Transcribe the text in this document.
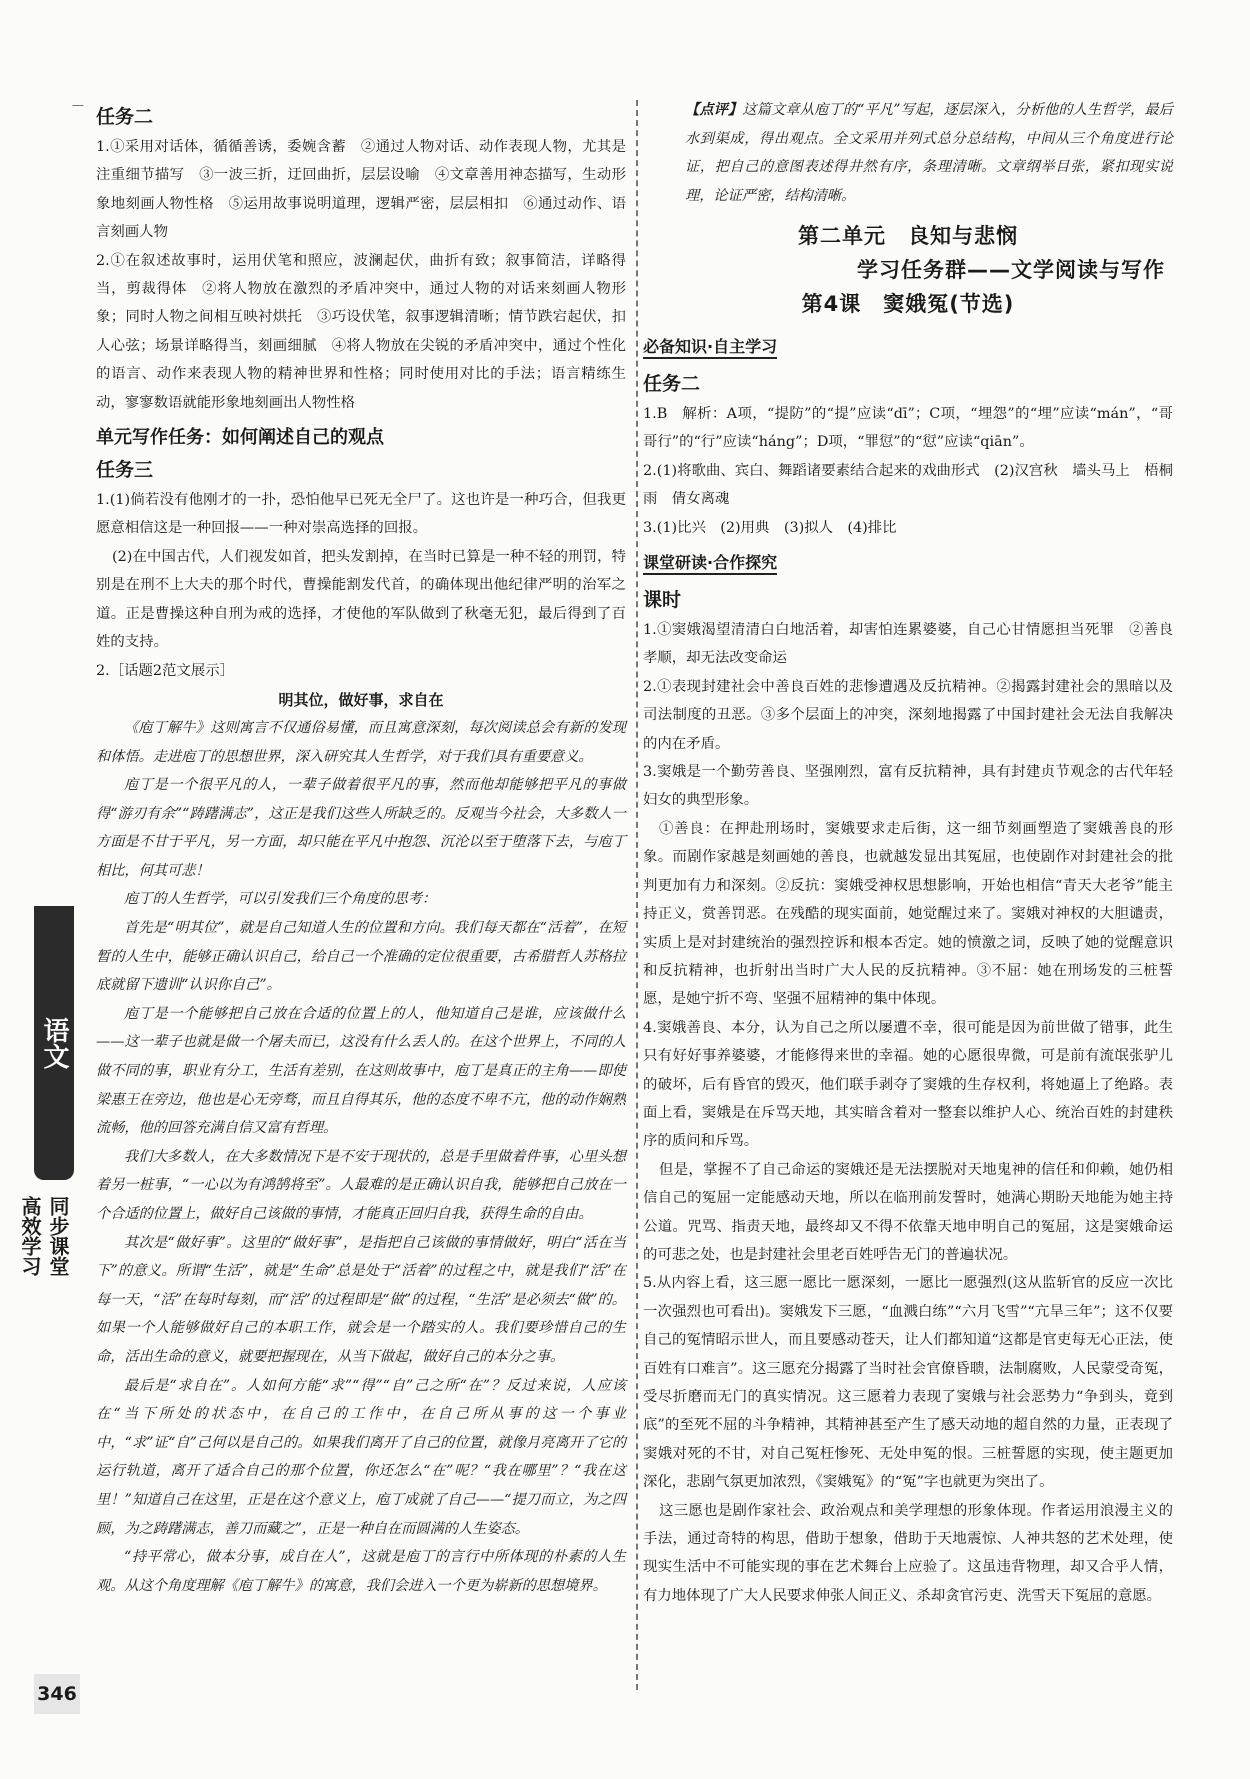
—
任务二

1.①采用对话体，循循善诱，委婉含蓄　②通过人物对话、动作表现人物，尤其是注重细节描写　③一波三折，迂回曲折，层层设喻　④文章善用神态描写，生动形象地刻画人物性格　⑤运用故事说明道理，逻辑严密，层层相扣　⑥通过动作、语言刻画人物

2.①在叙述故事时，运用伏笔和照应，波澜起伏，曲折有致；叙事简洁，详略得当，剪裁得体　②将人物放在激烈的矛盾冲突中，通过人物的对话来刻画人物形象；同时人物之间相互映衬烘托　③巧设伏笔，叙事逻辑清晰；情节跌宕起伏，扣人心弦；场景详略得当，刻画细腻　④将人物放在尖锐的矛盾冲突中，通过个性化的语言、动作来表现人物的精神世界和性格；同时使用对比的手法；语言精练生动，寥寥数语就能形象地刻画出人物性格

单元写作任务：如何阐述自己的观点
任务三

1.(1)倘若没有他刚才的一扑，恐怕他早已死无全尸了。这也许是一种巧合，但我更愿意相信这是一种回报——一种对崇高选择的回报。

(2)在中国古代，人们视发如首，把头发割掉，在当时已算是一种不轻的刑罚，特别是在刑不上大夫的那个时代，曹操能割发代首，的确体现出他纪律严明的治军之道。正是曹操这种自刑为戒的选择，才使他的军队做到了秋毫无犯，最后得到了百姓的支持。

2.［话题2范文展示］

明其位，做好事，求自在

《庖丁解牛》这则寓言不仅通俗易懂，而且寓意深刻，每次阅读总会有新的发现和体悟。走进庖丁的思想世界，深入研究其人生哲学，对于我们具有重要意义。

庖丁是一个很平凡的人，一辈子做着很平凡的事，然而他却能够把平凡的事做得“游刃有余”“踌躇满志”，这正是我们这些人所缺乏的。反观当今社会，大多数人一方面是不甘于平凡，另一方面，却只能在平凡中抱怨、沉沦以至于堕落下去，与庖丁相比，何其可悲！

庖丁的人生哲学，可以引发我们三个角度的思考：

首先是“明其位”，就是自己知道人生的位置和方向。我们每天都在“活着”，在短暂的人生中，能够正确认识自己，给自己一个准确的定位很重要，古希腊哲人苏格拉底就留下遗训“认识你自己”。

庖丁是一个能够把自己放在合适的位置上的人，他知道自己是谁，应该做什么——这一辈子也就是做一个屠夫而已，这没有什么丢人的。在这个世界上，不同的人做不同的事，职业有分工，生活有差别，在这则故事中，庖丁是真正的主角——即使梁惠王在旁边，他也是心无旁骛，而且自得其乐，他的态度不卑不亢，他的动作娴熟流畅，他的回答充满自信又富有哲理。

我们大多数人，在大多数情况下是不安于现状的，总是手里做着件事，心里头想着另一桩事，“一心以为有鸿鹄将至”。人最难的是正确认识自我，能够把自己放在一个合适的位置上，做好自己该做的事情，才能真正回归自我，获得生命的自由。

其次是“做好事”。这里的“做好事”，是指把自己该做的事情做好，明白“活在当下”的意义。所谓“生活”，就是“生命”总是处于“活着”的过程之中，就是我们“活”在每一天，“活”在每时每刻，而“活”的过程即是“做”的过程，“生活”是必须去“做”的。如果一个人能够做好自己的本职工作，就会是一个踏实的人。我们要珍惜自己的生命，活出生命的意义，就要把握现在，从当下做起，做好自己的本分之事。

最后是“求自在”。人如何方能“求”“得”“自”己之所“在”？反过来说，人应该在“当下所处的状态中，在自己的工作中，在自己所从事的这一个事业中，“求”证“自”己何以是自己的。如果我们离开了自己的位置，就像月亮离开了它的运行轨道，离开了适合自己的那个位置，你还怎么“在”呢？“我在哪里”？“我在这里！”知道自己在这里，正是在这个意义上，庖丁成就了自己——“提刀而立，为之四顾，为之踌躇满志，善刀而藏之”，正是一种自在而圆满的人生姿态。

“持平常心，做本分事，成自在人”，这就是庖丁的言行中所体现的朴素的人生观。从这个角度理解《庖丁解牛》的寓意，我们会进入一个更为崭新的思想境界。

【点评】这篇文章从庖丁的“平凡”写起，逐层深入，分析他的人生哲学，最后水到渠成，得出观点。全文采用并列式总分总结构，中间从三个角度进行论证，把自己的意图表述得井然有序，条理清晰。文章纲举目张，紧扣现实说理，论证严密，结构清晰。

第二单元　良知与悲悯
学习任务群——文学阅读与写作
第4课　窦娥冤(节选)
必备知识·自主学习
任务二

1.B　解析：A项，“提防”的“提”应读“dī”；C项，“埋怨”的“埋”应读“mán”，“哥哥行”的“行”应读“háng”；D项，“罪愆”的“愆”应读“qiān”。

2.(1)将歌曲、宾白、舞蹈诸要素结合起来的戏曲形式　(2)汉宫秋　墙头马上　梧桐雨　倩女离魂

3.(1)比兴　(2)用典　(3)拟人　(4)排比

课堂研读·合作探究
课时

1.①窦娥渴望清清白白地活着，却害怕连累婆婆，自己心甘情愿担当死罪　②善良孝顺，却无法改变命运

2.①表现封建社会中善良百姓的悲惨遭遇及反抗精神。②揭露封建社会的黑暗以及司法制度的丑恶。③多个层面上的冲突，深刻地揭露了中国封建社会无法自我解决的内在矛盾。

3.窦娥是一个勤劳善良、坚强刚烈，富有反抗精神，具有封建贞节观念的古代年轻妇女的典型形象。

①善良：在押赴刑场时，窦娥要求走后街，这一细节刻画塑造了窦娥善良的形象。而剧作家越是刻画她的善良，也就越发显出其冤屈，也使剧作对封建社会的批判更加有力和深刻。②反抗：窦娥受神权思想影响，开始也相信“青天大老爷”能主持正义，赏善罚恶。在残酷的现实面前，她觉醒过来了。窦娥对神权的大胆谴责，实质上是对封建统治的强烈控诉和根本否定。她的愤激之词，反映了她的觉醒意识和反抗精神，也折射出当时广大人民的反抗精神。③不屈：她在刑场发的三桩誓愿，是她宁折不弯、坚强不屈精神的集中体现。

4.窦娥善良、本分，认为自己之所以屡遭不幸，很可能是因为前世做了错事，此生只有好好事养婆婆，才能修得来世的幸福。她的心愿很卑微，可是前有流氓张驴儿的破坏，后有昏官的毁灭，他们联手剥夺了窦娥的生存权利，将她逼上了绝路。表面上看，窦娥是在斥骂天地，其实暗含着对一整套以维护人心、统治百姓的封建秩序的质问和斥骂。

但是，掌握不了自己命运的窦娥还是无法摆脱对天地鬼神的信任和仰赖，她仍相信自己的冤屈一定能感动天地，所以在临刑前发誓时，她满心期盼天地能为她主持公道。咒骂、指责天地，最终却又不得不依靠天地申明自己的冤屈，这是窦娥命运的可悲之处，也是封建社会里老百姓呼告无门的普遍状况。

5.从内容上看，这三愿一愿比一愿深刻，一愿比一愿强烈(这从监斩官的反应一次比一次强烈也可看出)。窦娥发下三愿，“血溅白练”“六月飞雪”“亢旱三年”；这不仅要自己的冤情昭示世人，而且要感动苍天，让人们都知道“这都是官吏每无心正法，使百姓有口难言”。这三愿充分揭露了当时社会官僚昏聩，法制腐败，人民蒙受奇冤，受尽折磨而无门的真实情况。这三愿着力表现了窦娥与社会恶势力“争到头，竟到底”的至死不屈的斗争精神，其精神甚至产生了感天动地的超自然的力量，正表现了窦娥对死的不甘，对自己冤枉惨死、无处申冤的恨。三桩誓愿的实现，使主题更加深化，悲剧气氛更加浓烈，《窦娥冤》的“冤”字也就更为突出了。

这三愿也是剧作家社会、政治观点和美学理想的形象体现。作者运用浪漫主义的手法，通过奇特的构思，借助于想象，借助于天地震惊、人神共怒的艺术处理，使现实生活中不可能实现的事在艺术舞台上应验了。这虽违背物理，却又合乎人情，有力地体现了广大人民要求伸张人间正义、杀却贪官污吏、洗雪天下冤屈的意愿。

语文
同步课堂
高效学习
346
